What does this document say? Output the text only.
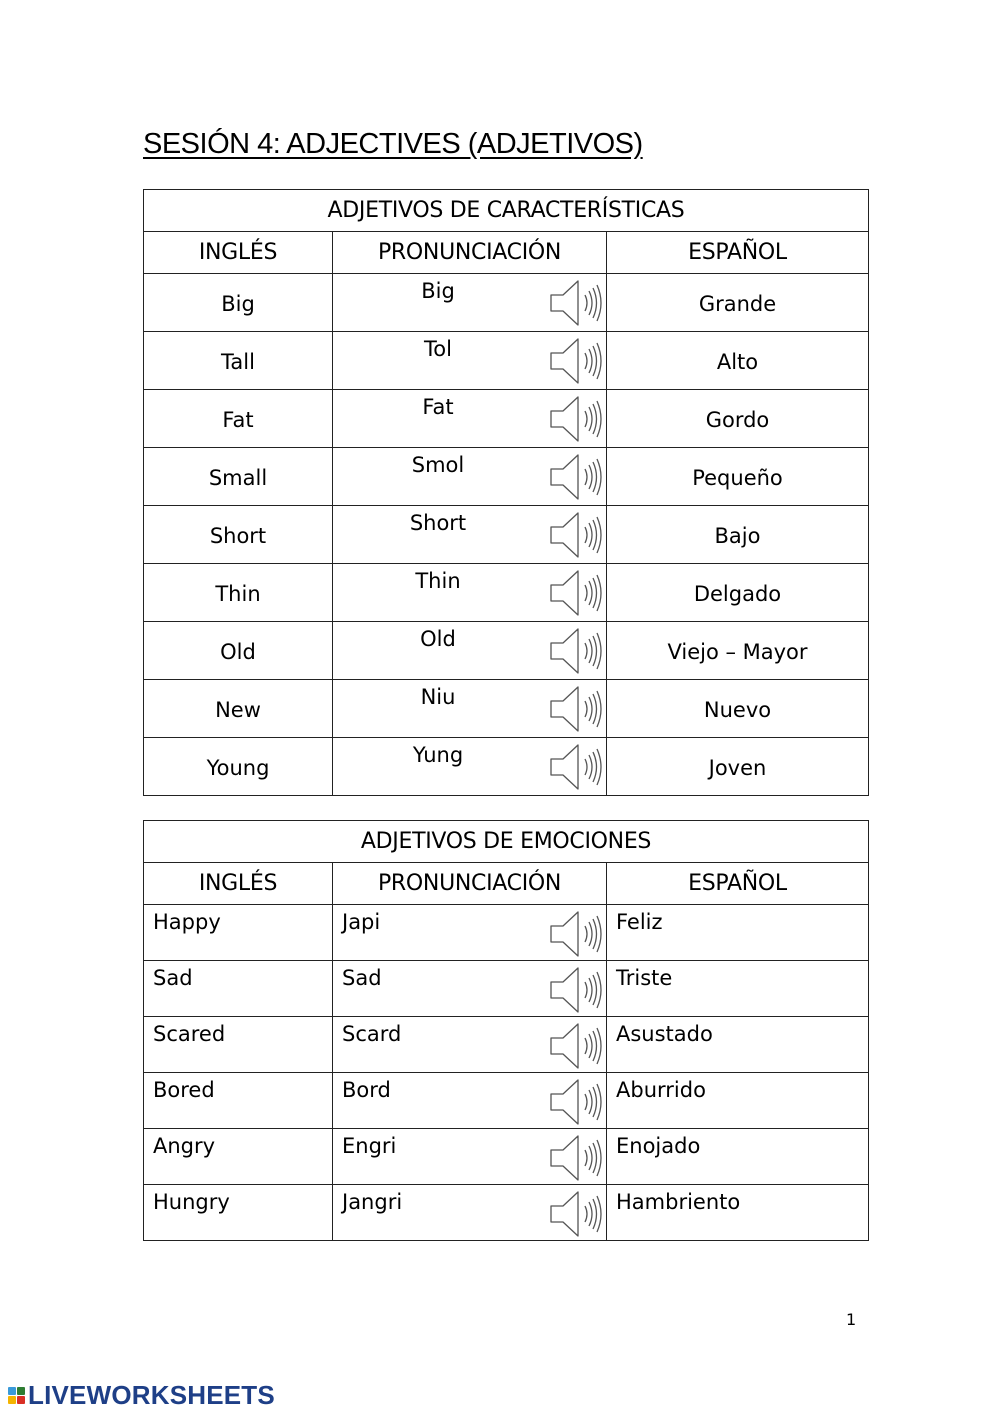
SESIÓN 4: ADJECTIVES (ADJETIVOS)
ADJETIVOS DE CARACTERÍSTICAS		
INGLÉS	PRONUNCIACIÓN	ESPAÑOL
Big	Big	Grande
Tall	Tol	Alto
Fat	Fat	Gordo
Small	Smol	Pequeño
Short	Short	Bajo
Thin	Thin	Delgado
Old	Old	Viejo – Mayor
New	Niu	Nuevo
Young	Yung	Joven
ADJETIVOS DE EMOCIONES		
INGLÉS	PRONUNCIACIÓN	ESPAÑOL

Happy	Japi	Feliz

Sad	Sad	Triste

Scared	Scard	Asustado

Bored	Bord	Aburrido

Angry	Engri	Enojado

Hungry	Jangri	Hambriento
1
LIVEWORKSHEETS
